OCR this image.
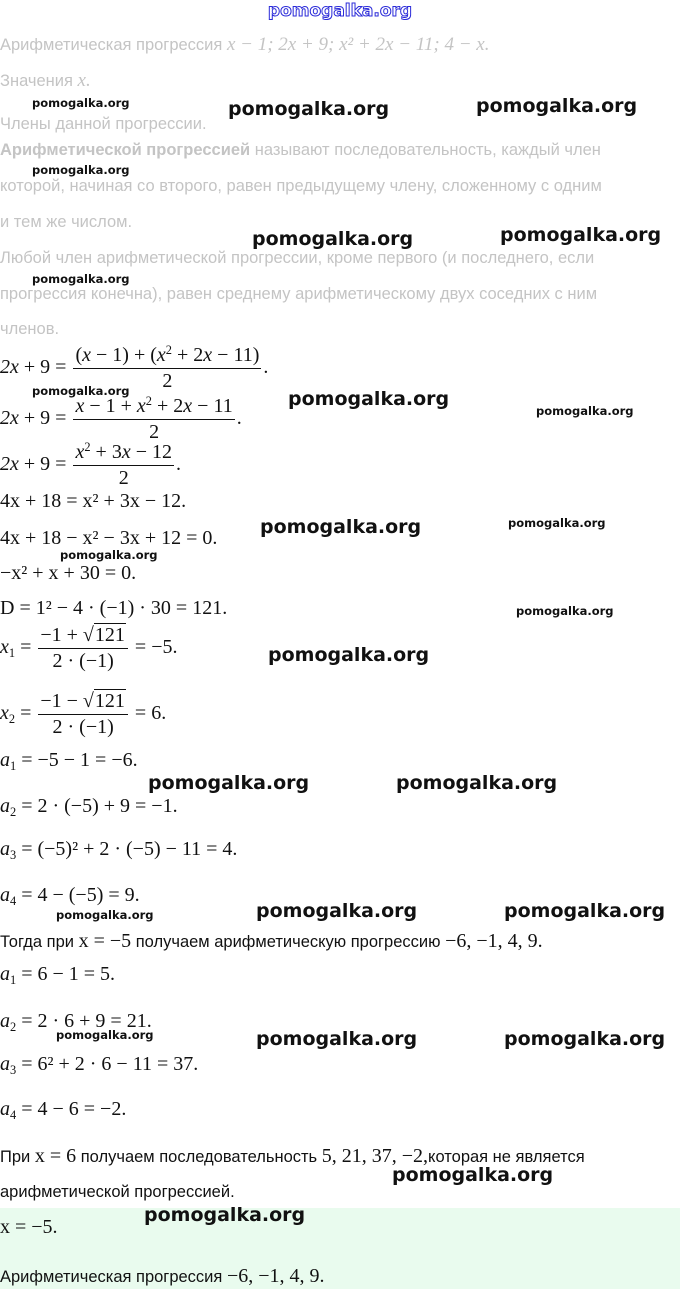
pomogalka.org
Арифметическая прогрессия x − 1; 2x + 9; x² + 2x − 11; 4 − x.
Значения x.
Члены данной прогрессии.
Арифметической прогрессией называют последовательность, каждый член
которой, начиная со второго, равен предыдущему члену, сложенному с одним
и тем же числом.
Любой член арифметической прогрессии, кроме первого (и последнего, если
прогрессия конечна), равен среднему арифметическому двух соседних с ним
членов.
$2x + 9 = \frac{(x - 1) + (x^2 + 2x - 11)}{2}$ .
$2x + 9 = \frac{x - 1 + x^2 + 2x - 11}{2}$ .
$2x + 9 = \frac{x^2 + 3x - 12}{2}$ .
4x + 18 = x² + 3x − 12.
4x + 18 − x² − 3x + 12 = 0.
−x² + x + 30 = 0.
D = 1² − 4 · (−1) · 30 = 121.
$x1 = \frac{-1 + √121}{2 \cdot (-1)} = -5$.
$x2 = \frac{-1 - √121}{2 \cdot (-1)} = 6$.
a1 = −5 − 1 = −6.
a2 = 2 · (−5) + 9 = −1.
a3 = (−5)² + 2 · (−5) − 11 = 4.
a4 = 4 − (−5) = 9.
Тогда при x = −5 получаем арифметическую прогрессию −6, −1, 4, 9.
a1 = 6 − 1 = 5.
a2 = 2 · 6 + 9 = 21.
a3 = 6² + 2 · 6 − 11 = 37.
a4 = 4 − 6 = −2.
При x = 6 получаем последовательность 5, 21, 37, −2,которая не является
арифметической прогрессией.
x = −5.
Арифметическая прогрессия −6, −1, 4, 9.
pomogalka.org	pomogalka.org	pomogalka.org
pomogalka.org
pomogalka.org	pomogalka.org
pomogalka.org
pomogalka.org	pomogalka.org
pomogalka.org
pomogalka.org	pomogalka.org
pomogalka.org
pomogalka.org
pomogalka.org
pomogalka.org	pomogalka.org
pomogalka.org	pomogalka.org	pomogalka.org
pomogalka.org	pomogalka.org	pomogalka.org
pomogalka.org
pomogalka.org
